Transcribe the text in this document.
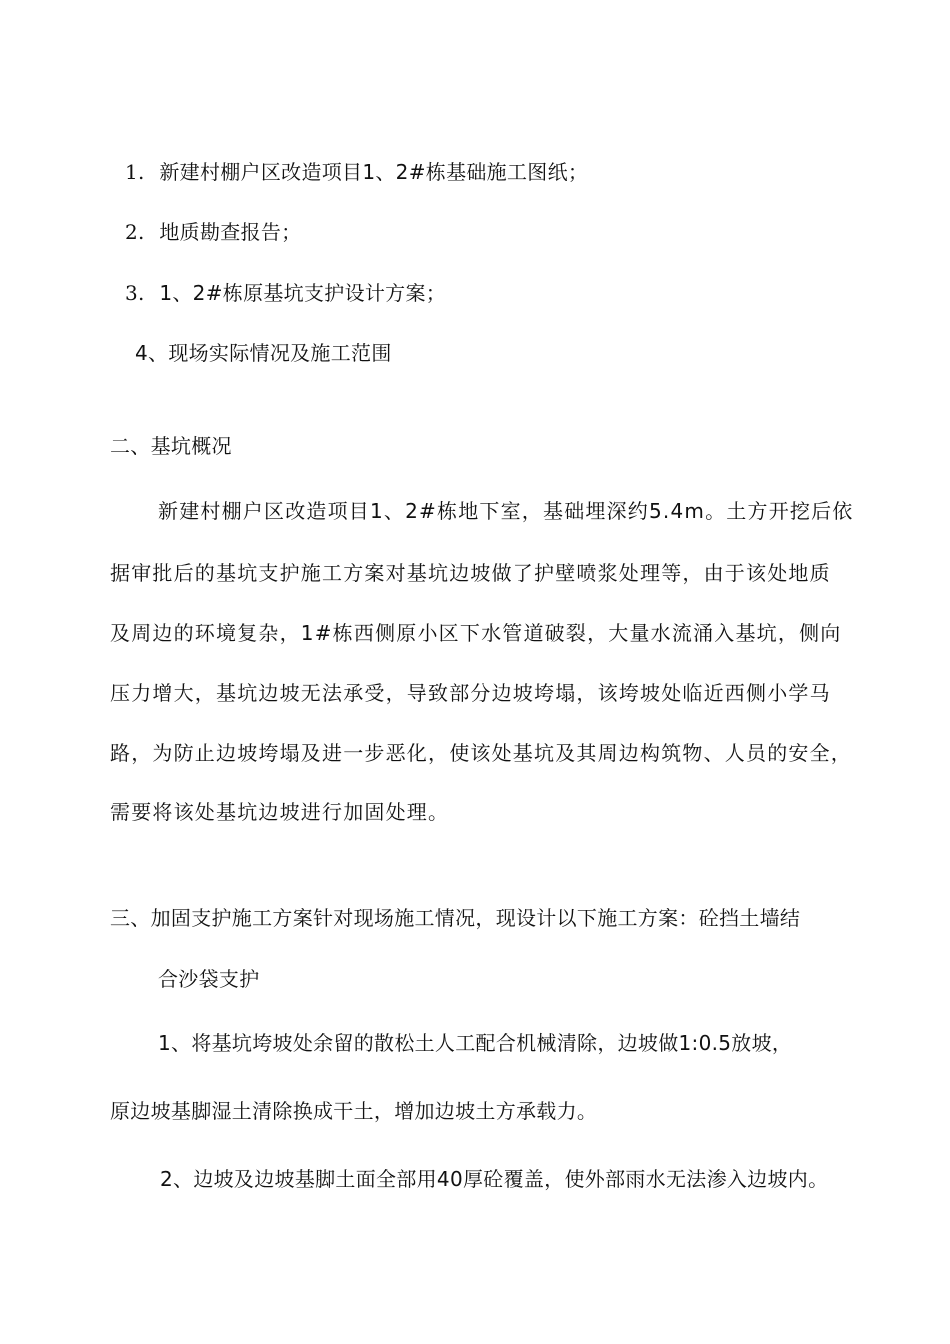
1. 新建村棚户区改造项目1、2#栋基础施工图纸；
2. 地质勘查报告；
3. 1、2#栋原基坑支护设计方案；
4、现场实际情况及施工范围
二、基坑概况
新建村棚户区改造项目1、2#栋地下室，基础埋深约5.4m。土方开挖后依
据审批后的基坑支护施工方案对基坑边坡做了护壁喷浆处理等，由于该处地质
及周边的环境复杂，1#栋西侧原小区下水管道破裂，大量水流涌入基坑，侧向
压力增大，基坑边坡无法承受，导致部分边坡垮塌，该垮坡处临近西侧小学马
路，为防止边坡垮塌及进一步恶化，使该处基坑及其周边构筑物、人员的安全，
需要将该处基坑边坡进行加固处理。
三、加固支护施工方案针对现场施工情况，现设计以下施工方案：砼挡土墙结
合沙袋支护
1、将基坑垮坡处余留的散松土人工配合机械清除，边坡做1:0.5放坡，
原边坡基脚湿土清除换成干土，增加边坡土方承载力。
2、边坡及边坡基脚土面全部用40厚砼覆盖，使外部雨水无法渗入边坡内。
